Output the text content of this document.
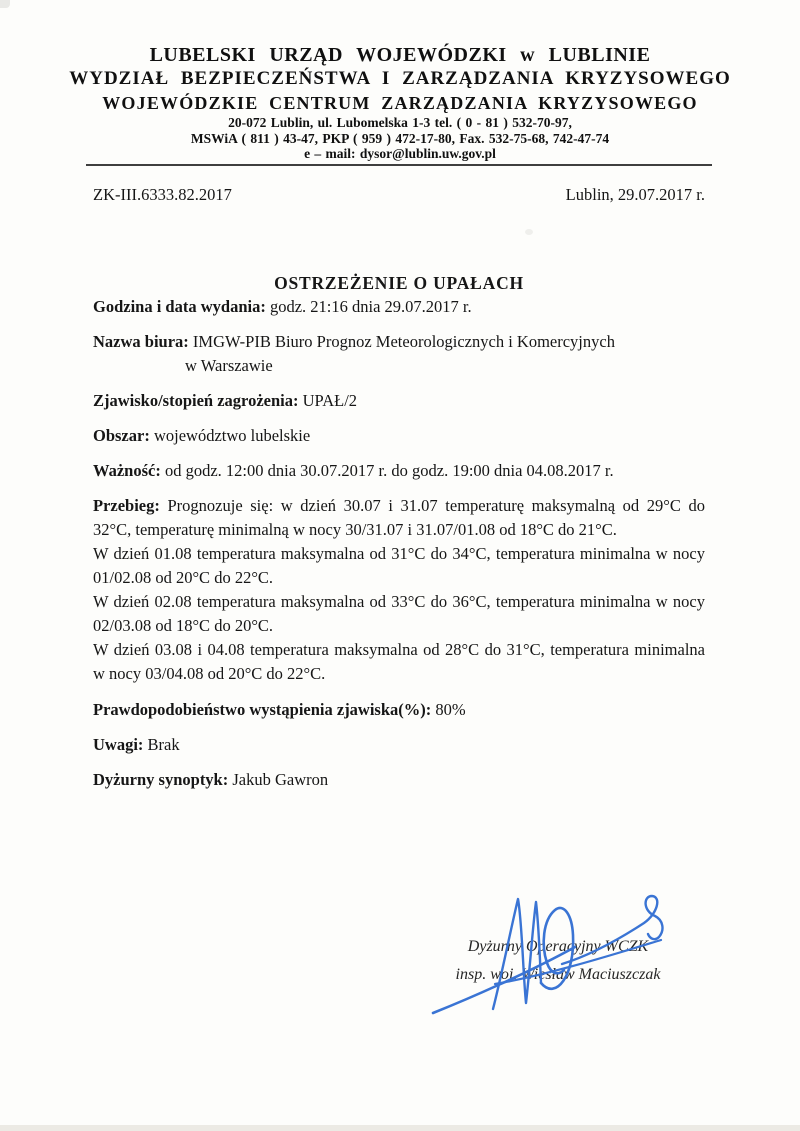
LUBELSKI URZĄD WOJEWÓDZKI w LUBLINIE
WYDZIAŁ BEZPIECZEŃSTWA I ZARZĄDZANIA KRYZYSOWEGO
WOJEWÓDZKIE CENTRUM ZARZĄDZANIA KRYZYSOWEGO
20-072 Lublin, ul. Lubomelska 1-3 tel. ( 0 - 81 ) 532-70-97,
MSWiA ( 811 ) 43-47, PKP ( 959 ) 472-17-80, Fax. 532-75-68, 742-47-74
e – mail: dysor@lublin.uw.gov.pl
ZK-III.6333.82.2017	Lublin, 29.07.2017 r.
OSTRZEŻENIE O UPAŁACH

Godzina i data wydania: godz. 21:16 dnia 29.07.2017 r.

Nazwa biura: IMGW-PIB Biuro Prognoz Meteorologicznych i Komercyjnych
w Warszawie

Zjawisko/stopień zagrożenia: UPAŁ/2

Obszar: województwo lubelskie

Ważność: od godz. 12:00 dnia 30.07.2017 r. do godz. 19:00 dnia 04.08.2017 r.

Przebieg: Prognozuje się: w dzień 30.07 i 31.07 temperaturę maksymalną od 29°C do 32°C, temperaturę minimalną w nocy 30/31.07 i 31.07/01.08 od 18°C do 21°C.

W dzień 01.08 temperatura maksymalna od 31°C do 34°C, temperatura minimalna w nocy 01/02.08 od 20°C do 22°C.

W dzień 02.08 temperatura maksymalna od 33°C do 36°C, temperatura minimalna w nocy 02/03.08 od 18°C do 20°C.

W dzień 03.08 i 04.08 temperatura maksymalna od 28°C do 31°C, temperatura minimalna w nocy 03/04.08 od 20°C do 22°C.

Prawdopodobieństwo wystąpienia zjawiska(%): 80%

Uwagi: Brak

Dyżurny synoptyk: Jakub Gawron

Dyżurny Operacyjny WCZK
insp. woj. Wiesław Maciuszczak
